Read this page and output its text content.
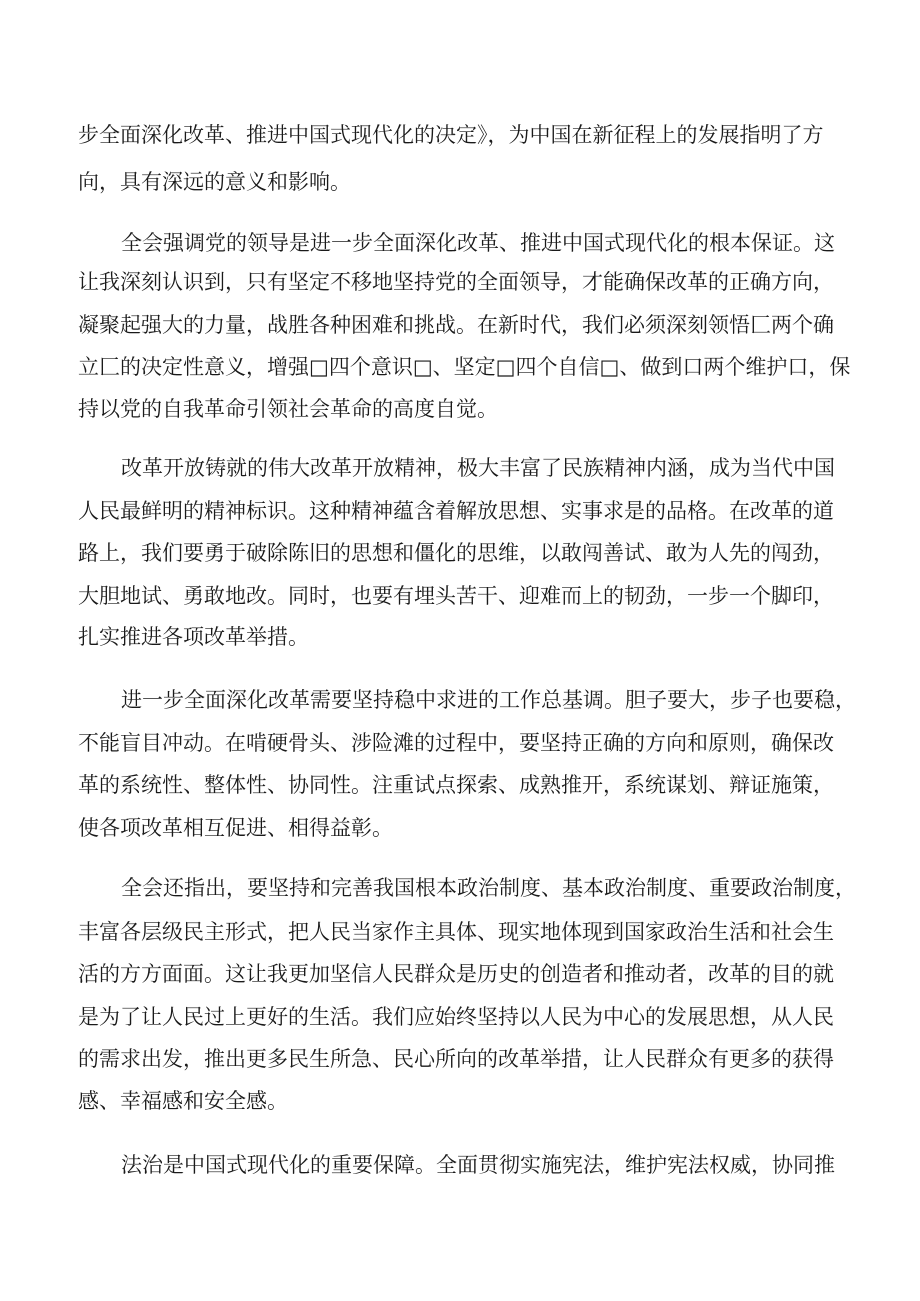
步全面深化改革、推进中国式现代化的决定》，为中国在新征程上的发展指明了方

向，具有深远的意义和影响。

全会强调党的领导是进一步全面深化改革、推进中国式现代化的根本保证。这

让我深刻认识到，只有坚定不移地坚持党的全面领导，才能确保改革的正确方向，

凝聚起强大的力量，战胜各种困难和挑战。在新时代，我们必须深刻领悟匚两个确

立匚的决定性意义，增强□四个意识□、坚定□四个自信□、做到口两个维护口，保

持以党的自我革命引领社会革命的高度自觉。

改革开放铸就的伟大改革开放精神，极大丰富了民族精神内涵，成为当代中国

人民最鲜明的精神标识。这种精神蕴含着解放思想、实事求是的品格。在改革的道

路上，我们要勇于破除陈旧的思想和僵化的思维，以敢闯善试、敢为人先的闯劲，

大胆地试、勇敢地改。同时，也要有埋头苦干、迎难而上的韧劲，一步一个脚印，

扎实推进各项改革举措。

进一步全面深化改革需要坚持稳中求进的工作总基调。胆子要大，步子也要稳，

不能盲目冲动。在啃硬骨头、涉险滩的过程中，要坚持正确的方向和原则，确保改

革的系统性、整体性、协同性。注重试点探索、成熟推开，系统谋划、辩证施策，

使各项改革相互促进、相得益彰。

全会还指出，要坚持和完善我国根本政治制度、基本政治制度、重要政治制度，

丰富各层级民主形式，把人民当家作主具体、现实地体现到国家政治生活和社会生

活的方方面面。这让我更加坚信人民群众是历史的创造者和推动者，改革的目的就

是为了让人民过上更好的生活。我们应始终坚持以人民为中心的发展思想，从人民

的需求出发，推出更多民生所急、民心所向的改革举措，让人民群众有更多的获得

感、幸福感和安全感。

法治是中国式现代化的重要保障。全面贯彻实施宪法，维护宪法权威，协同推
